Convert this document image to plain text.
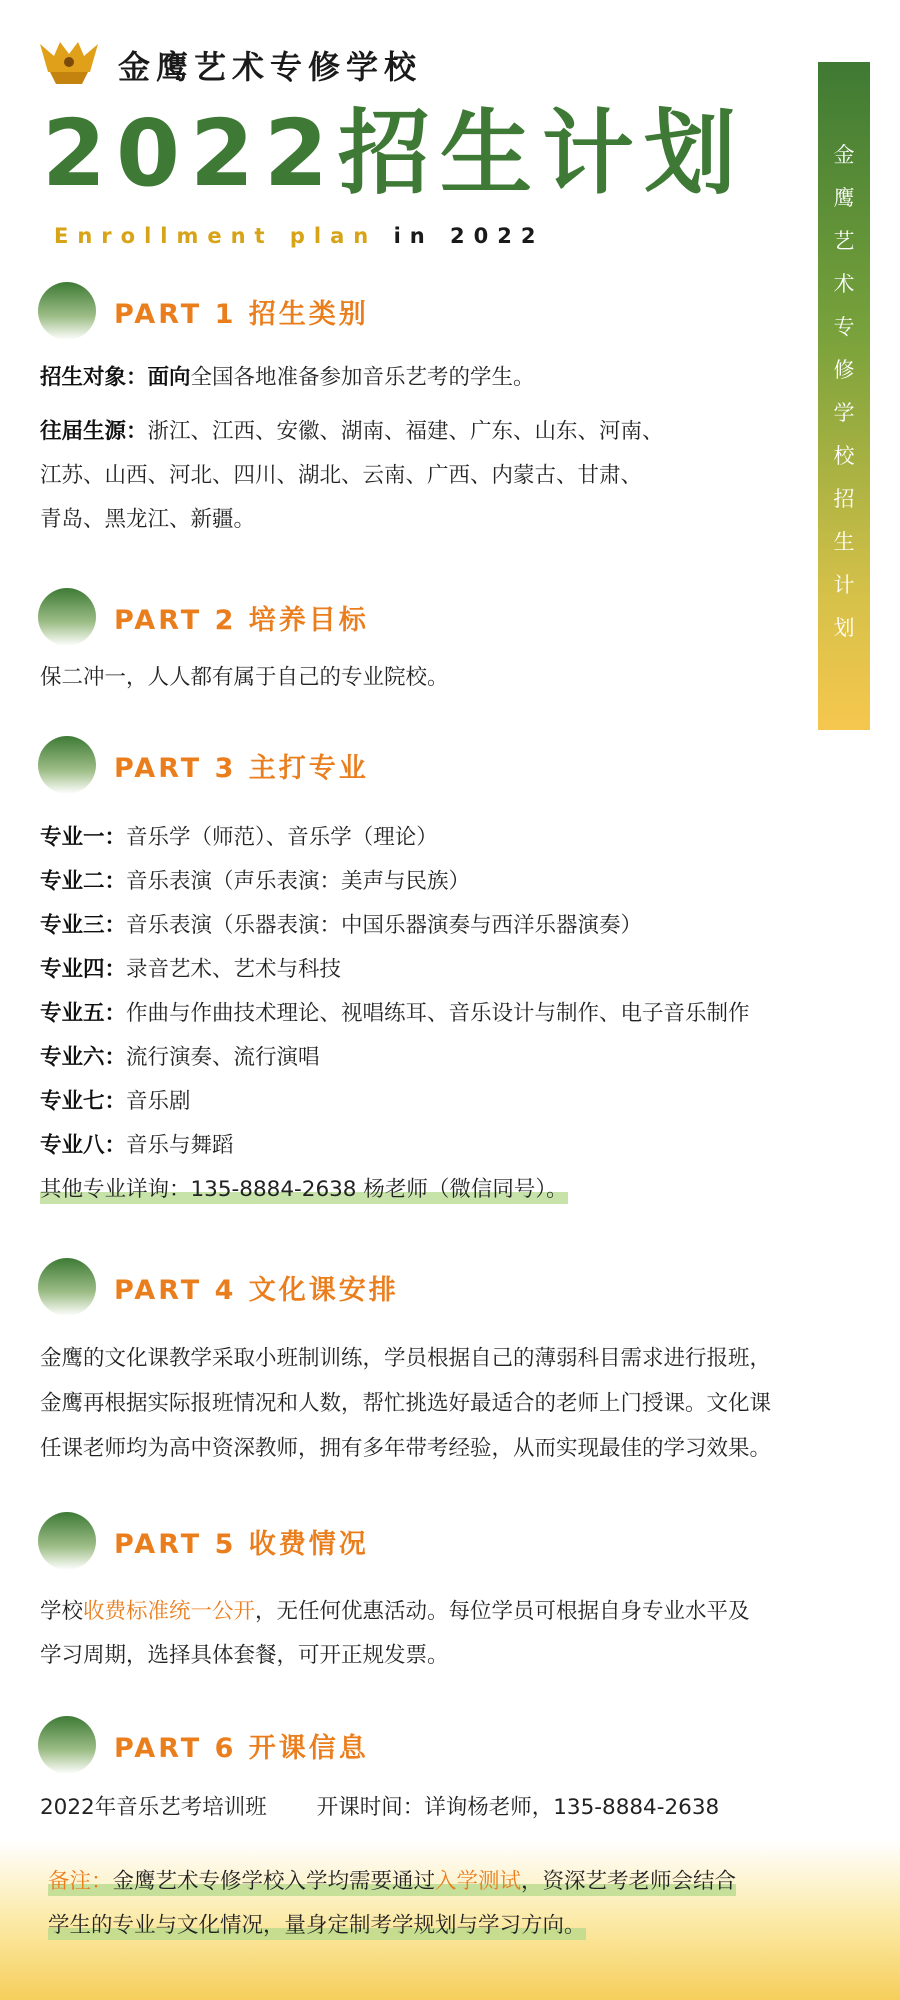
金鹰艺术专修学校
2022招生计划
Enrollment plan in 2022
金
鹰
艺
术
专
修
学
校
招
生
计
划
PART 1 招生类别
招生对象：面向全国各地准备参加音乐艺考的学生。
往届生源：浙江、江西、安徽、湖南、福建、广东、山东、河南、
江苏、山西、河北、四川、湖北、云南、广西、内蒙古、甘肃、
青岛、黑龙江、新疆。
PART 2 培养目标
保二冲一，人人都有属于自己的专业院校。
PART 3 主打专业
专业一：音乐学（师范）、音乐学（理论）
专业二：音乐表演（声乐表演：美声与民族）
专业三：音乐表演（乐器表演：中国乐器演奏与西洋乐器演奏）
专业四：录音艺术、艺术与科技
专业五：作曲与作曲技术理论、视唱练耳、音乐设计与制作、电子音乐制作
专业六：流行演奏、流行演唱
专业七：音乐剧
专业八：音乐与舞蹈
其他专业详询：135-8884-2638 杨老师（微信同号）。
PART 4 文化课安排
金鹰的文化课教学采取小班制训练，学员根据自己的薄弱科目需求进行报班，
金鹰再根据实际报班情况和人数，帮忙挑选好最适合的老师上门授课。文化课
任课老师均为高中资深教师，拥有多年带考经验，从而实现最佳的学习效果。
PART 5 收费情况
学校收费标准统一公开，无任何优惠活动。每位学员可根据自身专业水平及
学习周期，选择具体套餐，可开正规发票。
PART 6 开课信息
2022年音乐艺考培训班 开课时间：详询杨老师，135-8884-2638
备注：金鹰艺术专修学校入学均需要通过入学测试，资深艺考老师会结合
学生的专业与文化情况，量身定制考学规划与学习方向。
